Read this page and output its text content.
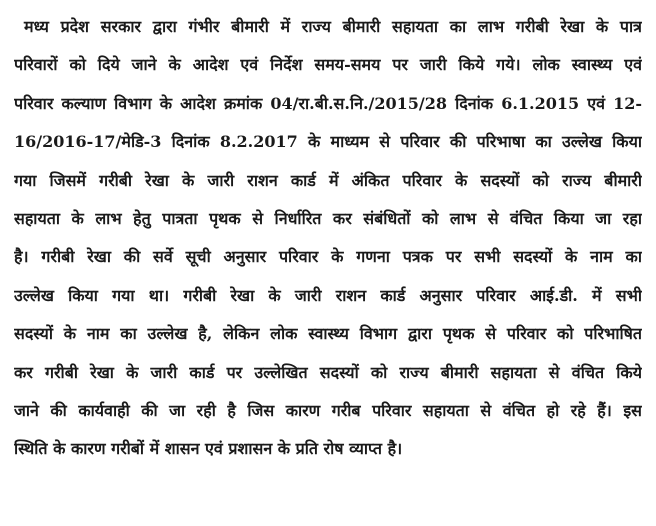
मध्य प्रदेश सरकार द्वारा गंभीर बीमारी में राज्य बीमारी सहायता का लाभ गरीबी रेखा के पात्र
परिवारों को दिये जाने के आदेश एवं निर्देश समय-समय पर जारी किये गये। लोक स्वास्थ्य एवं
परिवार कल्याण विभाग के आदेश क्रमांक 04/रा.बी.स.नि./2015/28 दिनांक 6.1.2015 एवं 12-
16/2016-17/मेडि-3 दिनांक 8.2.2017 के माध्यम से परिवार की परिभाषा का उल्लेख किया
गया जिसमें गरीबी रेखा के जारी राशन कार्ड में अंकित परिवार के सदस्यों को राज्य बीमारी
सहायता के लाभ हेतु पात्रता पृथक से निर्धारित कर संबंधितों को लाभ से वंचित किया जा रहा
है। गरीबी रेखा की सर्वे सूची अनुसार परिवार के गणना पत्रक पर सभी सदस्यों के नाम का
उल्लेख किया गया था। गरीबी रेखा के जारी राशन कार्ड अनुसार परिवार आई.डी. में सभी
सदस्यों के नाम का उल्लेख है, लेकिन लोक स्वास्थ्य विभाग द्वारा पृथक से परिवार को परिभाषित
कर गरीबी रेखा के जारी कार्ड पर उल्लेखित सदस्यों को राज्य बीमारी सहायता से वंचित किये
जाने की कार्यवाही की जा रही है जिस कारण गरीब परिवार सहायता से वंचित हो रहे हैं। इस
स्थिति के कारण गरीबों में शासन एवं प्रशासन के प्रति रोष व्याप्त है।
